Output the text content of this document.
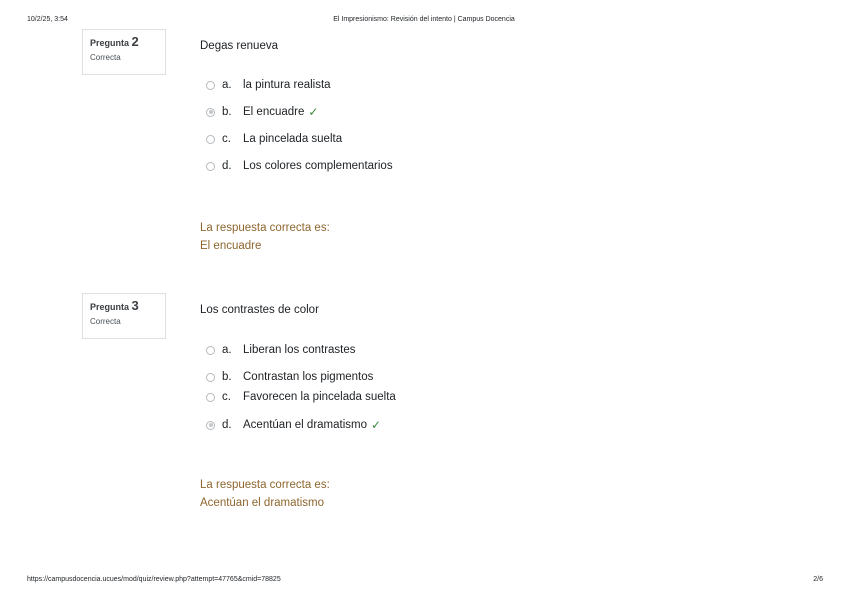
10/2/25, 3:54	El Impresionismo: Revisión del intento | Campus Docencia
Pregunta 2
Correcta
Degas renueva
a. la pintura realista
b. El encuadre ✓
c.	La pincelada suelta
d. Los colores complementarios
La respuesta correcta es:
El encuadre
Pregunta 3
Correcta
Los contrastes de color
a. Liberan los contrastes
b. Contrastan los pigmentos
c.	Favorecen la pincelada suelta
d. Acentúan el dramatismo ✓
La respuesta correcta es:
Acentúan el dramatismo
https://campusdocencia.ucues/mod/quiz/review.php?attempt=47765&cmid=78825	2/6
